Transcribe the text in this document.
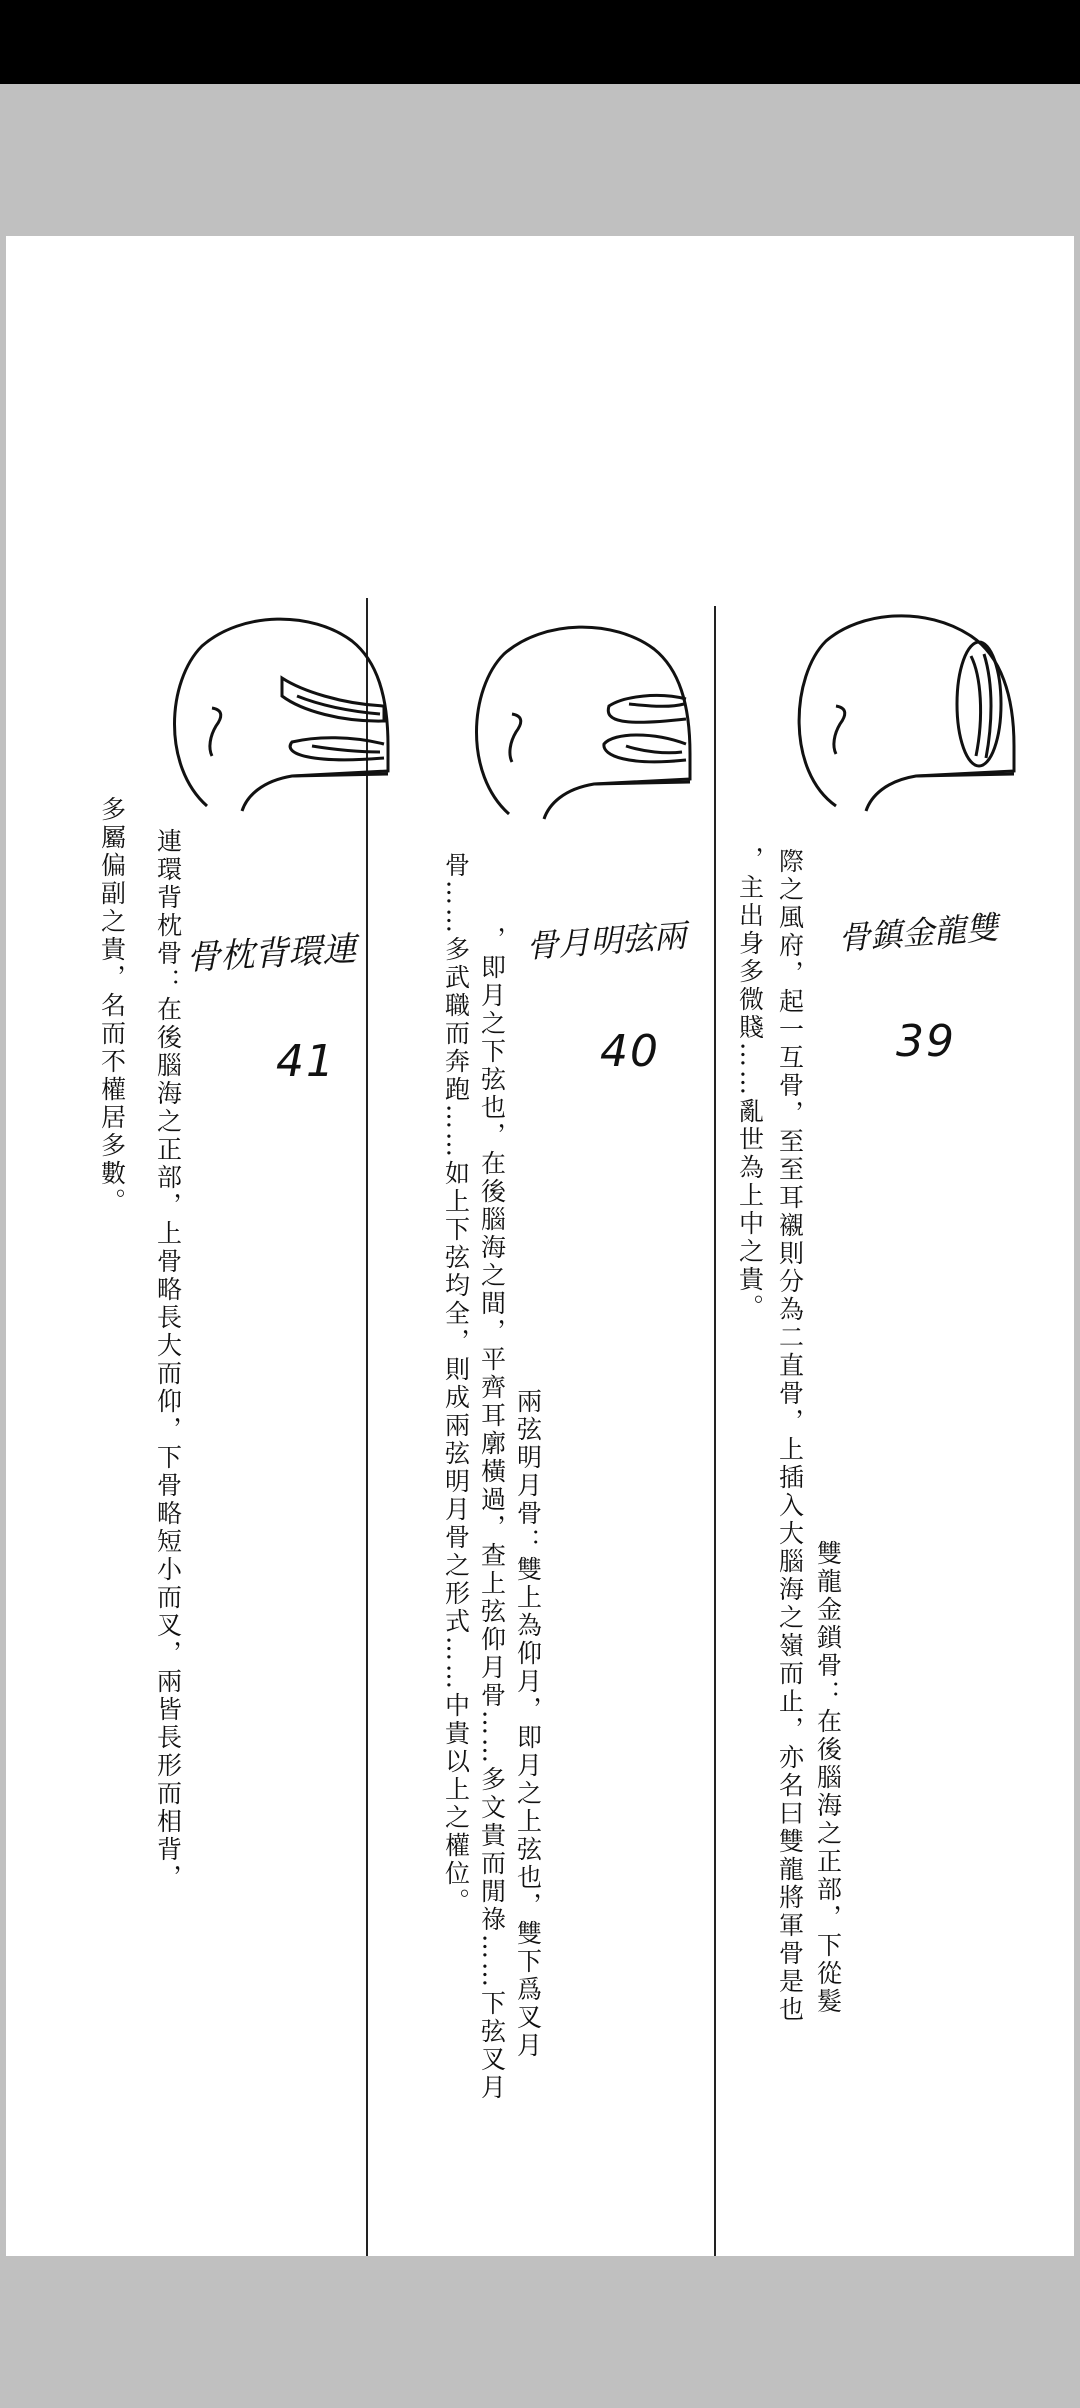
骨鎮金龍雙
39
雙龍金鎖骨：在後腦海之正部，下從髮
際之風府，起一互骨，至至耳襯則分為二直骨，上插入大腦海之嶺而止，亦名曰雙龍將軍骨是也
，主出身多微賤……亂世為上中之貴。
骨月明弦兩
40
兩弦明月骨：雙上為仰月，即月之上弦也，雙下爲叉月
，即月之下弦也，在後腦海之間，平齊耳廓橫過，查上弦仰月骨……多文貴而閒祿……下弦叉月
骨……多武職而奔跑……如上下弦均全，則成兩弦明月骨之形式……中貴以上之權位。
骨枕背環連
41
連環背枕骨：在後腦海之正部，上骨略長大而仰，下骨略短小而叉，兩皆長形而相背，
多屬偏副之貴，名而不權居多數。
